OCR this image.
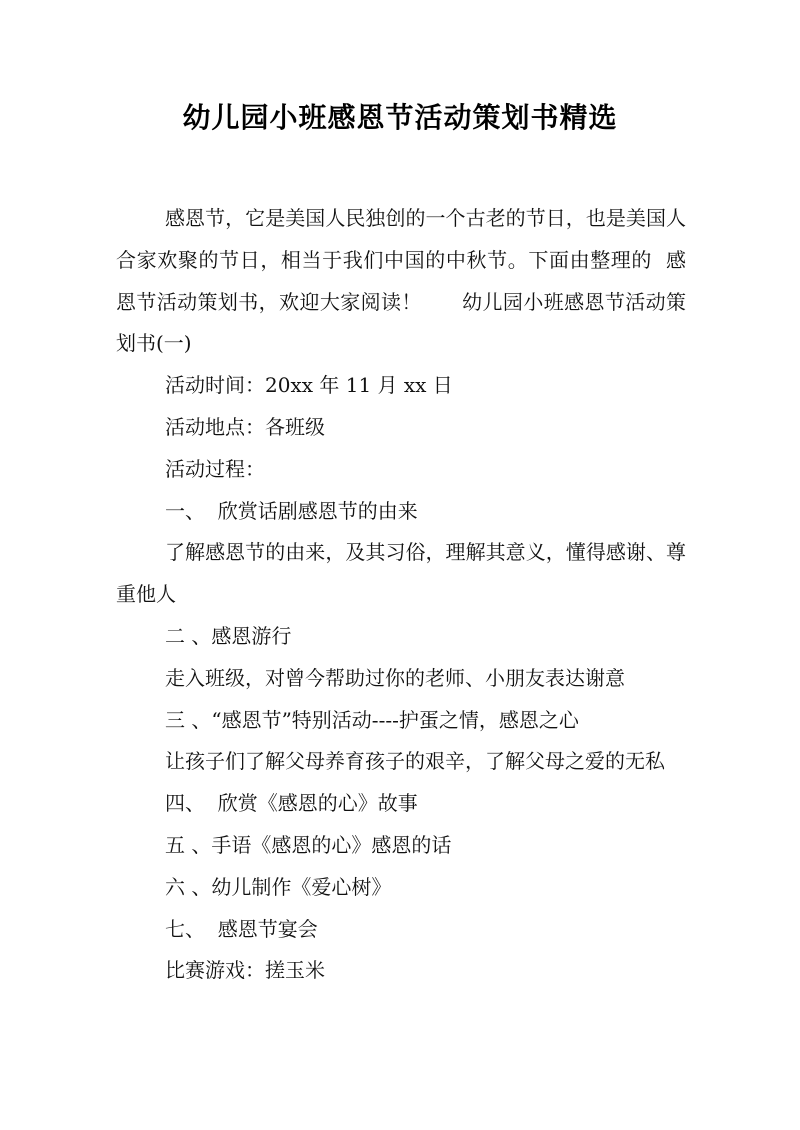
幼儿园小班感恩节活动策划书精选

感恩节，它是美国人民独创的一个古老的节日，也是美国人合家欢聚的节日，相当于我们中国的中秋节。下面由整理的  感恩节活动策划书，欢迎大家阅读！      幼儿园小班感恩节活动策划书(一)

活动时间：20xx 年 11 月 xx 日

活动地点：各班级

活动过程：

一、  欣赏话剧感恩节的由来

了解感恩节的由来，及其习俗，理解其意义，懂得感谢、尊重他人

二 、感恩游行

走入班级，对曾今帮助过你的老师、小朋友表达谢意

三 、“感恩节”特别活动----护蛋之情，感恩之心

让孩子们了解父母养育孩子的艰辛，了解父母之爱的无私

四、  欣赏《感恩的心》故事

五 、手语《感恩的心》感恩的话

六 、幼儿制作《爱心树》

七、  感恩节宴会

比赛游戏：搓玉米
